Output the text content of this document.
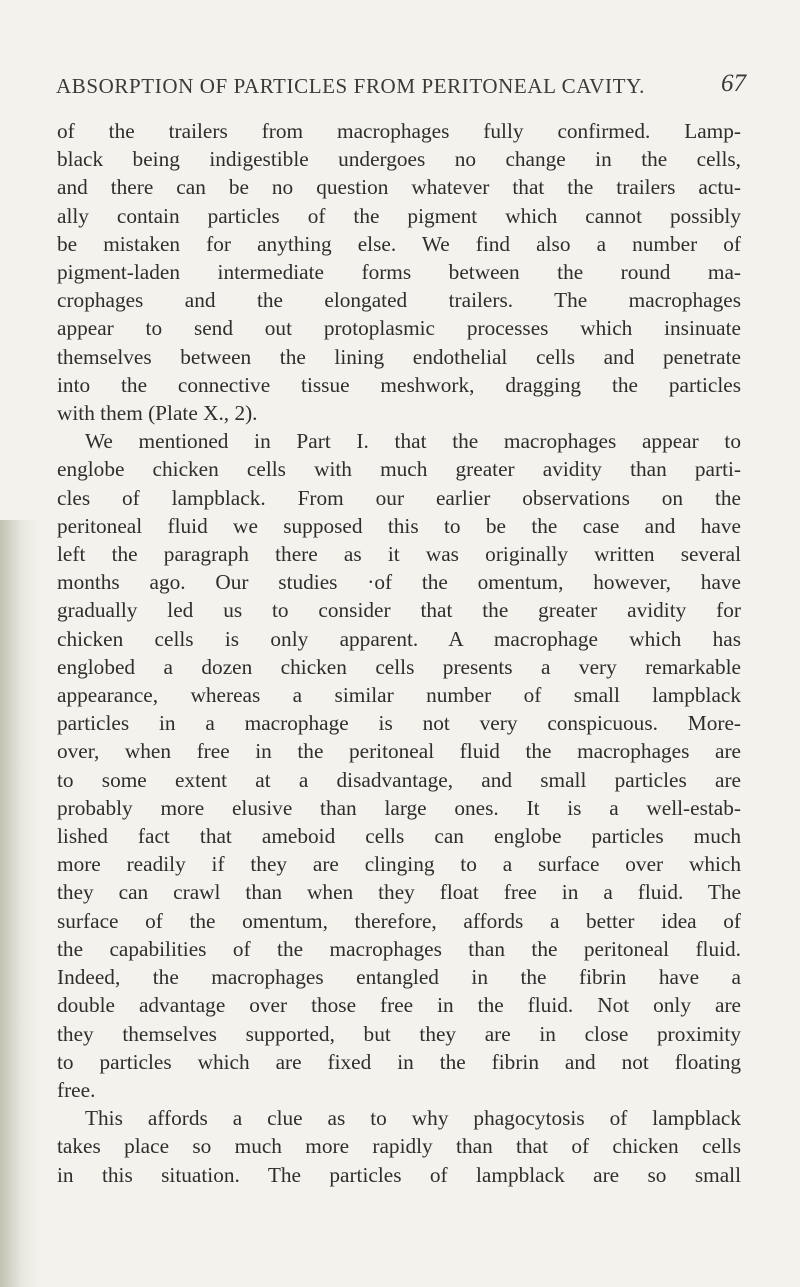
ABSORPTION OF PARTICLES FROM PERITONEAL CAVITY.	67
of the trailers from macrophages fully confirmed. Lamp-
black being indigestible undergoes no change in the cells,
and there can be no question whatever that the trailers actu-
ally contain particles of the pigment which cannot possibly
be mistaken for anything else. We find also a number of
pigment-laden intermediate forms between the round ma-
crophages and the elongated trailers. The macrophages
appear to send out protoplasmic processes which insinuate
themselves between the lining endothelial cells and penetrate
into the connective tissue meshwork, dragging the particles
with them (Plate X., 2).
We mentioned in Part I. that the macrophages appear to
englobe chicken cells with much greater avidity than parti-
cles of lampblack. From our earlier observations on the
peritoneal fluid we supposed this to be the case and have
left the paragraph there as it was originally written several
months ago. Our studies ·of the omentum, however, have
gradually led us to consider that the greater avidity for
chicken cells is only apparent. A macrophage which has
englobed a dozen chicken cells presents a very remarkable
appearance, whereas a similar number of small lampblack
particles in a macrophage is not very conspicuous. More-
over, when free in the peritoneal fluid the macrophages are
to some extent at a disadvantage, and small particles are
probably more elusive than large ones. It is a well-estab-
lished fact that ameboid cells can englobe particles much
more readily if they are clinging to a surface over which
they can crawl than when they float free in a fluid. The
surface of the omentum, therefore, affords a better idea of
the capabilities of the macrophages than the peritoneal fluid.
Indeed, the macrophages entangled in the fibrin have a
double advantage over those free in the fluid. Not only are
they themselves supported, but they are in close proximity
to particles which are fixed in the fibrin and not floating
free.
This affords a clue as to why phagocytosis of lampblack
takes place so much more rapidly than that of chicken cells
in this situation. The particles of lampblack are so small
